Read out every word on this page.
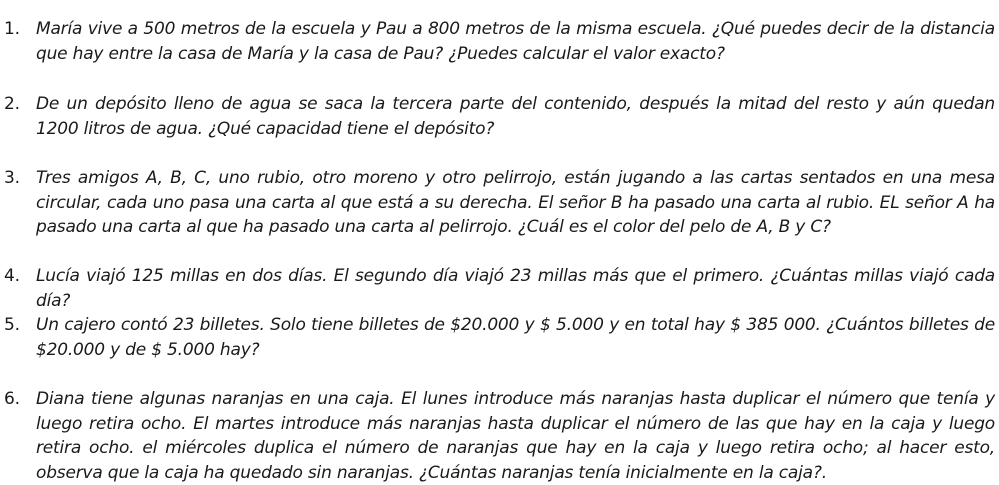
1. María vive a 500 metros de la escuela y Pau a 800 metros de la misma escuela. ¿Qué puedes decir de la distancia que hay entre la casa de María y la casa de Pau? ¿Puedes calcular el valor exacto?
2. De un depósito lleno de agua se saca la tercera parte del contenido, después la mitad del resto y aún quedan 1200 litros de agua. ¿Qué capacidad tiene el depósito?
3. Tres amigos A, B, C, uno rubio, otro moreno y otro pelirrojo, están jugando a las cartas sentados en una mesa circular, cada uno pasa una carta al que está a su derecha. El señor B ha pasado una carta al rubio. EL señor A ha pasado una carta al que ha pasado una carta al pelirrojo. ¿Cuál es el color del pelo de A, B y C?
4. Lucía viajó 125 millas en dos días. El segundo día viajó 23 millas más que el primero. ¿Cuántas millas viajó cada día?
5. Un cajero contó 23 billetes. Solo tiene billetes de $20.000 y $ 5.000 y en total hay $ 385 000. ¿Cuántos billetes de $20.000 y de $ 5.000 hay?
6. Diana tiene algunas naranjas en una caja. El lunes introduce más naranjas hasta duplicar el número que tenía y luego retira ocho. El martes introduce más naranjas hasta duplicar el número de las que hay en la caja y luego retira ocho. el miércoles duplica el número de naranjas que hay en la caja y luego retira ocho; al hacer esto, observa que la caja ha quedado sin naranjas. ¿Cuántas naranjas tenía inicialmente en la caja?.
